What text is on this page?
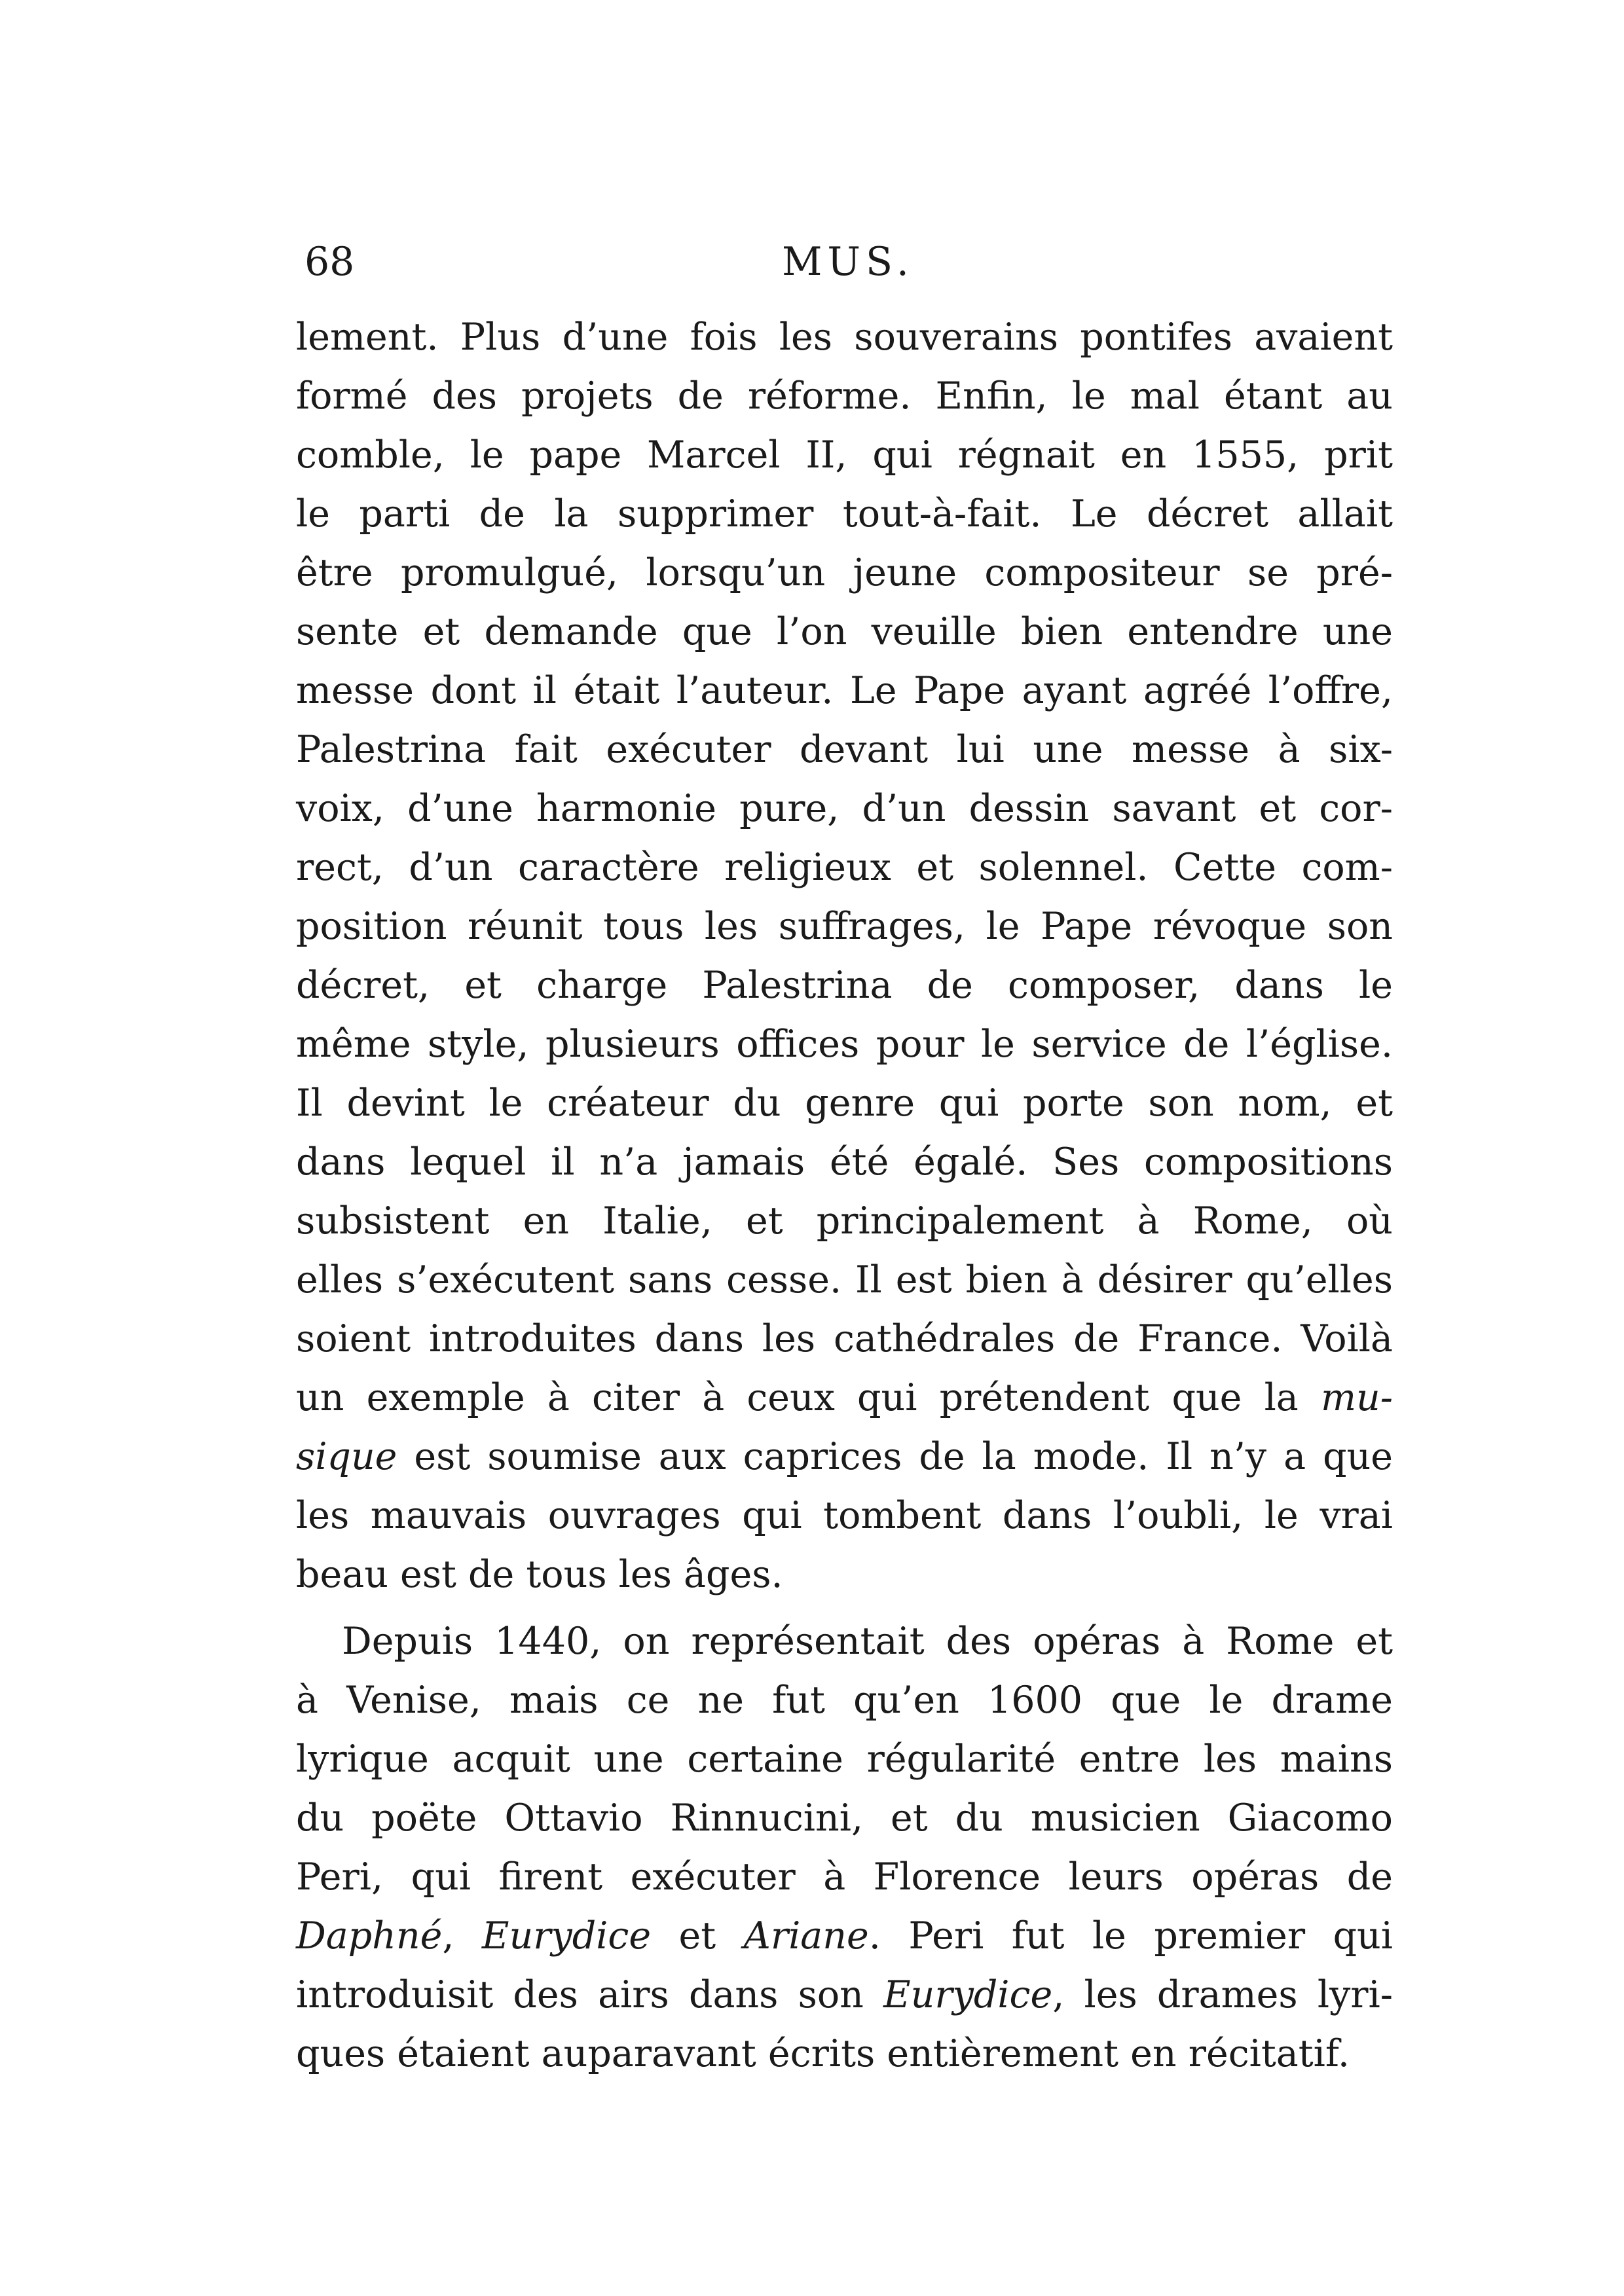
68	MUS.
lement. Plus d’une fois les souverains pontifes avaient
formé des projets de réforme. Enfin, le mal étant au
comble, le pape Marcel II, qui régnait en 1555, prit
le parti de la supprimer tout-à-fait. Le décret allait
être promulgué, lorsqu’un jeune compositeur se pré-
sente et demande que l’on veuille bien entendre une
messe dont il était l’auteur. Le Pape ayant agréé l’offre,
Palestrina fait exécuter devant lui une messe à six-
voix, d’une harmonie pure, d’un dessin savant et cor-
rect, d’un caractère religieux et solennel. Cette com-
position réunit tous les suffrages, le Pape révoque son
décret, et charge Palestrina de composer, dans le
même style, plusieurs offices pour le service de l’église.
Il devint le créateur du genre qui porte son nom, et
dans lequel il n’a jamais été égalé. Ses compositions
subsistent en Italie, et principalement à Rome, où
elles s’exécutent sans cesse. Il est bien à désirer qu’elles
soient introduites dans les cathédrales de France. Voilà
un exemple à citer à ceux qui prétendent que la mu-
sique est soumise aux caprices de la mode. Il n’y a que
les mauvais ouvrages qui tombent dans l’oubli, le vrai
beau est de tous les âges.
Depuis 1440, on représentait des opéras à Rome et
à Venise, mais ce ne fut qu’en 1600 que le drame
lyrique acquit une certaine régularité entre les mains
du poëte Ottavio Rinnucini, et du musicien Giacomo
Peri, qui firent exécuter à Florence leurs opéras de
Daphné, Eurydice et Ariane. Peri fut le premier qui
introduisit des airs dans son Eurydice, les drames lyri-
ques étaient auparavant écrits entièrement en récitatif.
